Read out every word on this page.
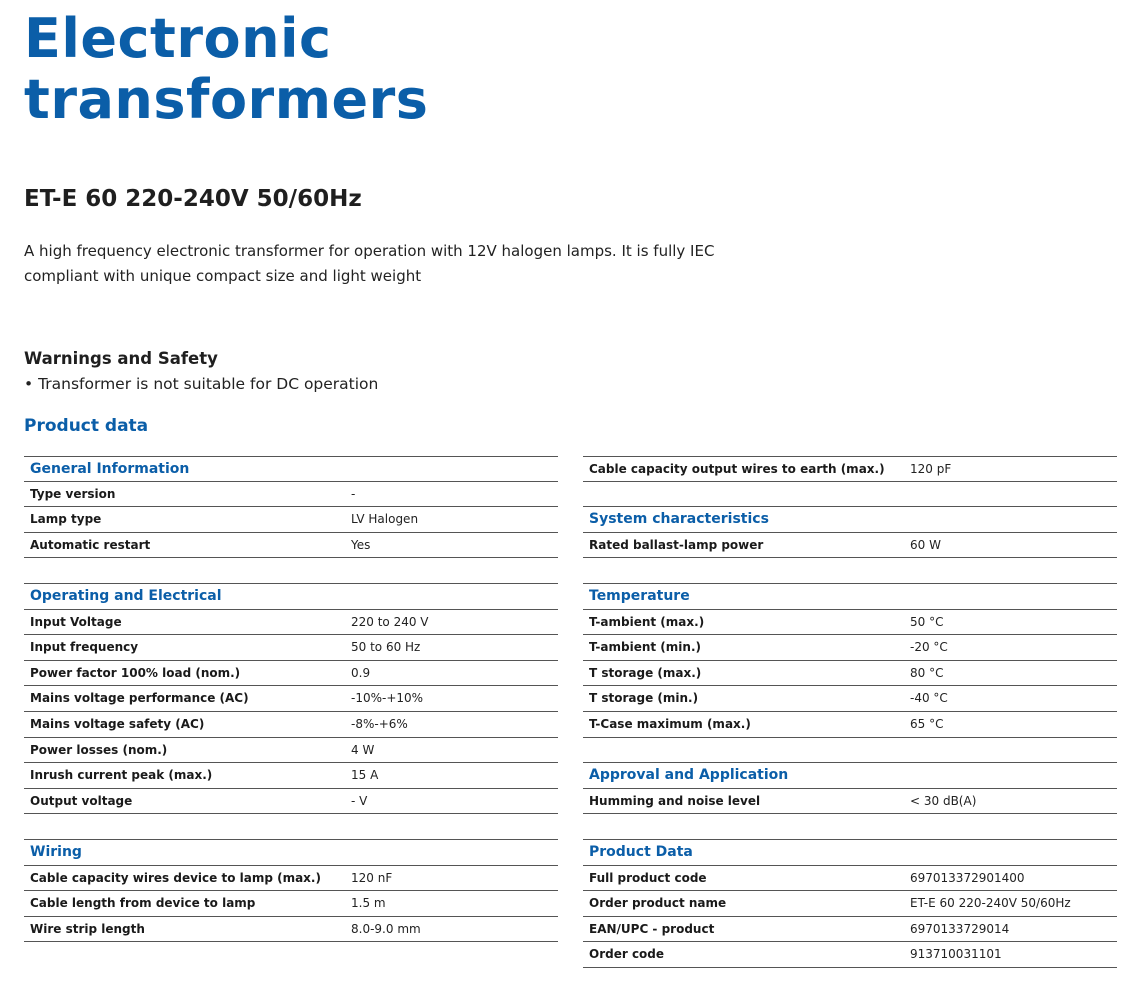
Electronic
transformers
ET-E 60 220-240V 50/60Hz

A high frequency electronic transformer for operation with 12V halogen lamps. It is fully IEC compliant with unique compact size and light weight

Warnings and Safety

• Transformer is not suitable for DC operation

Product data
General Information
Type version	-
Lamp type	LV Halogen
Automatic restart	Yes
Operating and Electrical
Input Voltage	220 to 240 V
Input frequency	50 to 60 Hz
Power factor 100% load (nom.)	0.9
Mains voltage performance (AC)	-10%-+10%
Mains voltage safety (AC)	-8%-+6%
Power losses (nom.)	4 W
Inrush current peak (max.)	15 A
Output voltage	- V
Wiring
Cable capacity wires device to lamp (max.)	120 nF
Cable length from device to lamp	1.5 m
Wire strip length	8.0-9.0 mm
Cable capacity output wires to earth (max.) 120 pF
System characteristics
Rated ballast-lamp power	60 W
Temperature
T-ambient (max.)	50 °C
T-ambient (min.)	-20 °C
T storage (max.)	80 °C
T storage (min.)	-40 °C
T-Case maximum (max.)	65 °C
Approval and Application
Humming and noise level	< 30 dB(A)
Product Data
Full product code	697013372901400
Order product name	ET-E 60 220-240V 50/60Hz
EAN/UPC - product	6970133729014
Order code	913710031101
